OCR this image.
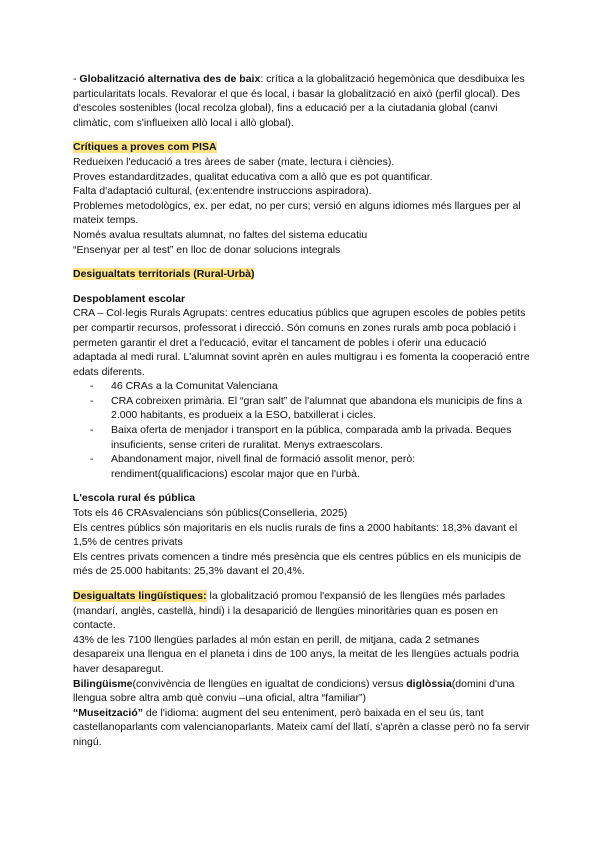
- Globalització alternativa des de baix: crítica a la globalització hegemònica que desdibuixa les particularitats locals. Revalorar el que és local, i basar la globalització en això (perfil glocal). Des d'escoles sostenibles (local recolza global), fins a educació per a la ciutadania global (canvi climàtic, com s'influeixen allò local i allò global).

Crítiques a proves com PISA

Redueixen l'educació a tres àrees de saber (mate, lectura i ciències).

Proves estandarditzades, qualitat educativa com a allò que es pot quantificar.

Falta d'adaptació cultural, (ex:entendre instruccions aspiradora).

Problemes metodològics, ex. per edat, no per curs; versió en alguns idiomes més llargues per al mateix temps.

Només avalua resultats alumnat, no faltes del sistema educatiu

“Ensenyar per al test” en lloc de donar solucions integrals

Desigualtats territorials (Rural-Urbà)

Despoblament escolar

CRA – Col·legis Rurals Agrupats: centres educatius públics que agrupen escoles de pobles petits per compartir recursos, professorat i direcció. Són comuns en zones rurals amb poca població i permeten garantir el dret a l'educació, evitar el tancament de pobles i oferir una educació adaptada al medi rural. L'alumnat sovint aprèn en aules multigrau i es fomenta la cooperació entre edats diferents.

- 46 CRAs a la Comunitat Valenciana
- CRA cobreixen primària. El “gran salt” de l'alumnat que abandona els municipis de fins a 2.000 habitants, es produeix a la ESO, batxillerat i cicles.
- Baixa oferta de menjador i transport en la pública, comparada amb la privada. Beques insuficients, sense criteri de ruralitat. Menys extraescolars.
- Abandonament major, nivell final de formació assolit menor, però: rendiment(qualificacions) escolar major que en l'urbà.

L'escola rural és pública

Tots els 46 CRAsvalencians són públics(Conselleria, 2025)

Els centres públics són majoritaris en els nuclis rurals de fins a 2000 habitants: 18,3% davant el 1,5% de centres privats

Els centres privats comencen a tindre més presència que els centres públics en els municipis de més de 25.000 habitants: 25,3% davant el 20,4%.

Desigualtats lingüístiques: la globalització promou l'expansió de les llengües més parlades (mandarí, anglès, castellà, hindi) i la desaparició de llengües minoritàries quan es posen en contacte.

43% de les 7100 llengües parlades al món estan en perill, de mitjana, cada 2 setmanes desapareix una llengua en el planeta i dins de 100 anys, la meitat de les llengües actuals podria haver desaparegut.

Bilingüisme(convivència de llengües en igualtat de condicions) versus diglòssia(domini d'una llengua sobre altra amb què conviu –una oficial, altra “familiar”)

“Museització” de l'idioma: augment del seu enteniment, però baixada en el seu ús, tant castellanoparlants com valencianoparlants. Mateix camí del llatí, s'aprèn a classe però no fa servir ningú.
